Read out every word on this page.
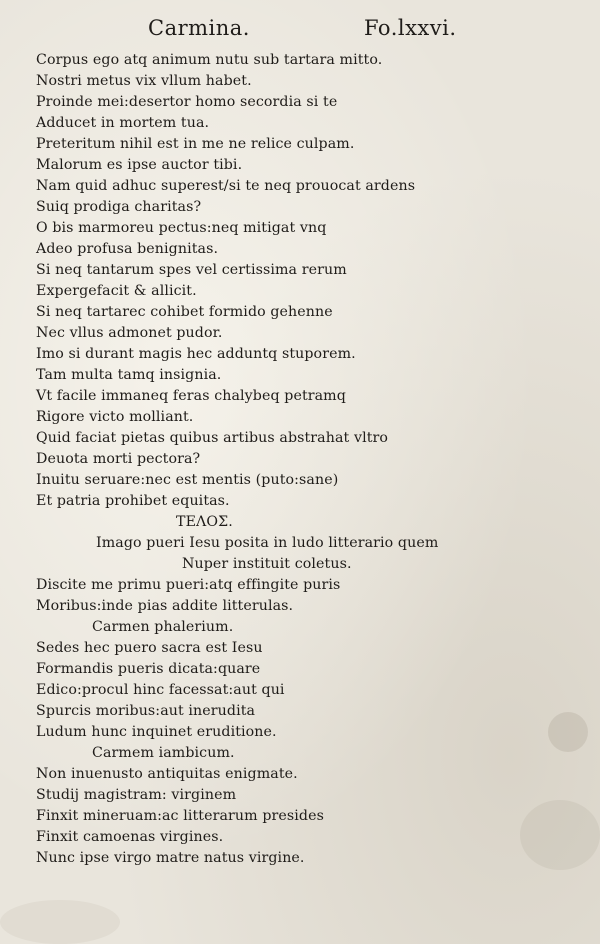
Carmina.	Fo.lxxvi.
Corpus ego atq animum nutu sub tartara mitto.
Nostri metus vix vllum habet.
Proinde mei:desertor homo secordia si te
Adducet in mortem tua.
Preteritum nihil est in me ne relice culpam.
Malorum es ipse auctor tibi.
Nam quid adhuc superest/si te neq prouocat ardens
Suiq prodiga charitas?
O bis marmoreu pectus:neq mitigat vnq
Adeo profusa benignitas.
Si neq tantarum spes vel certissima rerum
Expergefacit & allicit.
Si neq tartarec cohibet formido gehenne
Nec vllus admonet pudor.
Imo si durant magis hec adduntq stuporem.
Tam multa tamq insignia.
Vt facile immaneq feras chalybeq petramq
Rigore victo molliant.
Quid faciat pietas quibus artibus abstrahat vltro
Deuota morti pectora?
Inuitu seruare:nec est mentis (puto:sane)
Et patria prohibet equitas.
TEΛOΣ.
Imago pueri Iesu posita in ludo litterario quem
Nuper instituit coletus.
Discite me primu pueri:atq effingite puris
Moribus:inde pias addite litterulas.
Carmen phalerium.
Sedes hec puero sacra est Iesu
Formandis pueris dicata:quare
Edico:procul hinc facessat:aut qui
Spurcis moribus:aut inerudita
Ludum hunc inquinet eruditione.
Carmem iambicum.
Non inuenusto antiquitas enigmate.
Studij magistram: virginem
Finxit mineruam:ac litterarum presides
Finxit camoenas virgines.
Nunc ipse virgo matre natus virgine.
